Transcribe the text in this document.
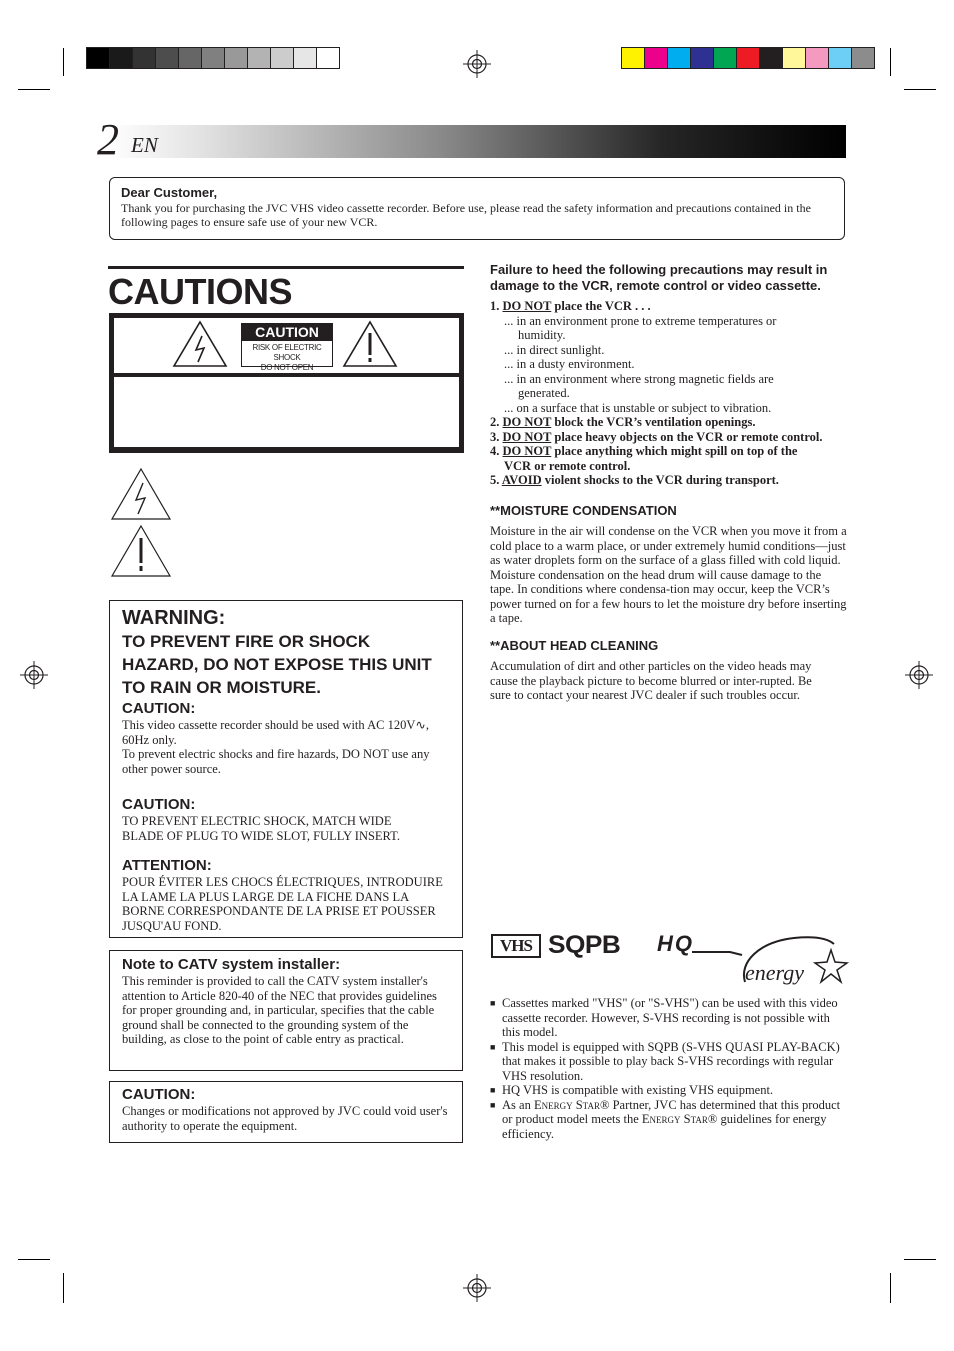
2 EN

Dear Customer,

Thank you for purchasing the JVC VHS video cassette recorder. Before use, please read the safety information and precautions contained in the following pages to ensure safe use of your new VCR.

CAUTIONS
CAUTION
RISK OF ELECTRIC SHOCK
DO NOT OPEN

WARNING:

TO PREVENT FIRE OR SHOCK HAZARD, DO NOT EXPOSE THIS UNIT TO RAIN OR MOISTURE.

CAUTION:

This video cassette recorder should be used with AC 120V∿, 60Hz only.

To prevent electric shocks and fire hazards, DO NOT use any other power source.

CAUTION:

TO PREVENT ELECTRIC SHOCK, MATCH WIDE BLADE OF PLUG TO WIDE SLOT, FULLY INSERT.

ATTENTION:

POUR ÉVITER LES CHOCS ÉLECTRIQUES, INTRODUIRE LA LAME LA PLUS LARGE DE LA FICHE DANS LA BORNE CORRESPONDANTE DE LA PRISE ET POUSSER JUSQU'AU FOND.

Note to CATV system installer:

This reminder is provided to call the CATV system installer's attention to Article 820-40 of the NEC that provides guidelines for proper grounding and, in particular, specifies that the cable ground shall be connected to the grounding system of the building, as close to the point of cable entry as practical.

CAUTION:

Changes or modifications not approved by JVC could void user's authority to operate the equipment.

Failure to heed the following precautions may result in damage to the VCR, remote control or video cassette.
1. DO NOT place the VCR . . .
... in an environment prone to extreme temperatures or
humidity.
... in direct sunlight.
... in a dusty environment.
... in an environment where strong magnetic fields are
generated.
... on a surface that is unstable or subject to vibration.
2. DO NOT block the VCR’s ventilation openings.
3. DO NOT place heavy objects on the VCR or remote control.
4. DO NOT place anything which might spill on top of the
VCR or remote control.
5. AVOID violent shocks to the VCR during transport.
**MOISTURE CONDENSATION
Moisture in the air will condense on the VCR when you move it from a cold place to a warm place, or under extremely humid conditions—just as water droplets form on the surface of a glass filled with cold liquid. Moisture condensation on the head drum will cause damage to the tape. In conditions where condensa-tion may occur, keep the VCR’s power turned on for a few hours to let the moisture dry before inserting a tape.
**ABOUT HEAD CLEANING
Accumulation of dirt and other particles on the video heads may cause the playback picture to become blurred or inter-rupted. Be sure to contact your nearest JVC dealer if such troubles occur.
VHS SQPB HQ
energy
■ Cassettes marked "VHS" (or "S-VHS") can be used with this video cassette recorder. However, S-VHS recording is not possible with this model.
■ This model is equipped with SQPB (S-VHS QUASI PLAY-BACK) that makes it possible to play back S-VHS recordings with regular VHS resolution.
■ HQ VHS is compatible with existing VHS equipment.
■ As an Energy Star® Partner, JVC has determined that this product or product model meets the Energy Star® guidelines for energy efficiency.
